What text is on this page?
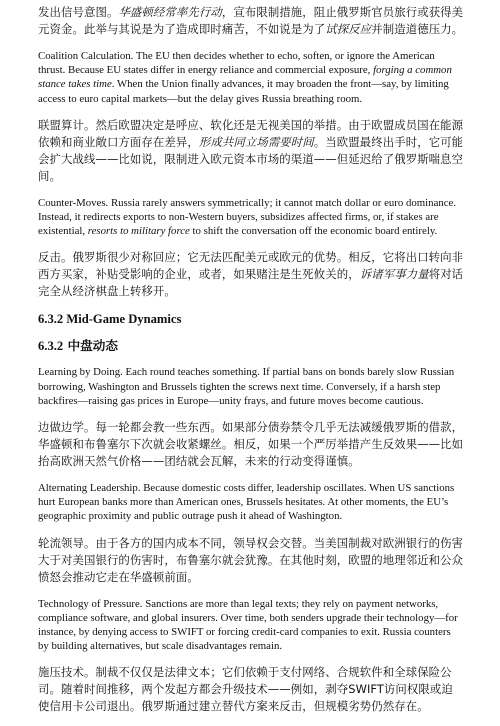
发出信号意图。华盛顿经常率先行动，宣布限制措施，阻止俄罗斯官员旅行或获得美元资金。此举与其说是为了造成即时痛苦，不如说是为了试探反应并制造道德压力。

Coalition Calculation. The EU then decides whether to echo, soften, or ignore the American thrust. Because EU states differ in energy reliance and commercial exposure, forging a common stance takes time. When the Union finally advances, it may broaden the front—say, by limiting access to euro capital markets—but the delay gives Russia breathing room.

联盟算计。然后欧盟决定是呼应、软化还是无视美国的举措。由于欧盟成员国在能源依赖和商业敞口方面存在差异，形成共同立场需要时间。当欧盟最终出手时，它可能会扩大战线——比如说，限制进入欧元资本市场的渠道——但延迟给了俄罗斯喘息空间。

Counter-Moves. Russia rarely answers symmetrically; it cannot match dollar or euro dominance. Instead, it redirects exports to non-Western buyers, subsidizes affected firms, or, if stakes are existential, resorts to military force to shift the conversation off the economic board entirely.

反击。俄罗斯很少对称回应；它无法匹配美元或欧元的优势。相反，它将出口转向非西方买家，补贴受影响的企业，或者，如果赌注是生死攸关的，诉诸军事力量将对话完全从经济棋盘上转移开。

6.3.2 Mid-Game Dynamics
6.3.2 中盘动态

Learning by Doing. Each round teaches something. If partial bans on bonds barely slow Russian borrowing, Washington and Brussels tighten the screws next time. Conversely, if a harsh step backfires—raising gas prices in Europe—unity frays, and future moves become cautious.

边做边学。每一轮都会教一些东西。如果部分债券禁令几乎无法减缓俄罗斯的借款，华盛顿和布鲁塞尔下次就会收紧螺丝。相反，如果一个严厉举措产生反效果——比如抬高欧洲天然气价格——团结就会瓦解，未来的行动变得谨慎。

Alternating Leadership. Because domestic costs differ, leadership oscillates. When US sanctions hurt European banks more than American ones, Brussels hesitates. At other moments, the EU’s geographic proximity and public outrage push it ahead of Washington.

轮流领导。由于各方的国内成本不同，领导权会交替。当美国制裁对欧洲银行的伤害大于对美国银行的伤害时，布鲁塞尔就会犹豫。在其他时刻，欧盟的地理邻近和公众愤怒会推动它走在华盛顿前面。

Technology of Pressure. Sanctions are more than legal texts; they rely on payment networks, compliance software, and global insurers. Over time, both senders upgrade their technology—for instance, by denying access to SWIFT or forcing credit-card companies to exit. Russia counters by building alternatives, but scale disadvantages remain.

施压技术。制裁不仅仅是法律文本；它们依赖于支付网络、合规软件和全球保险公司。随着时间推移，两个发起方都会升级技术——例如，剥夺SWIFT访问权限或迫使信用卡公司退出。俄罗斯通过建立替代方案来反击，但规模劣势仍然存在。
